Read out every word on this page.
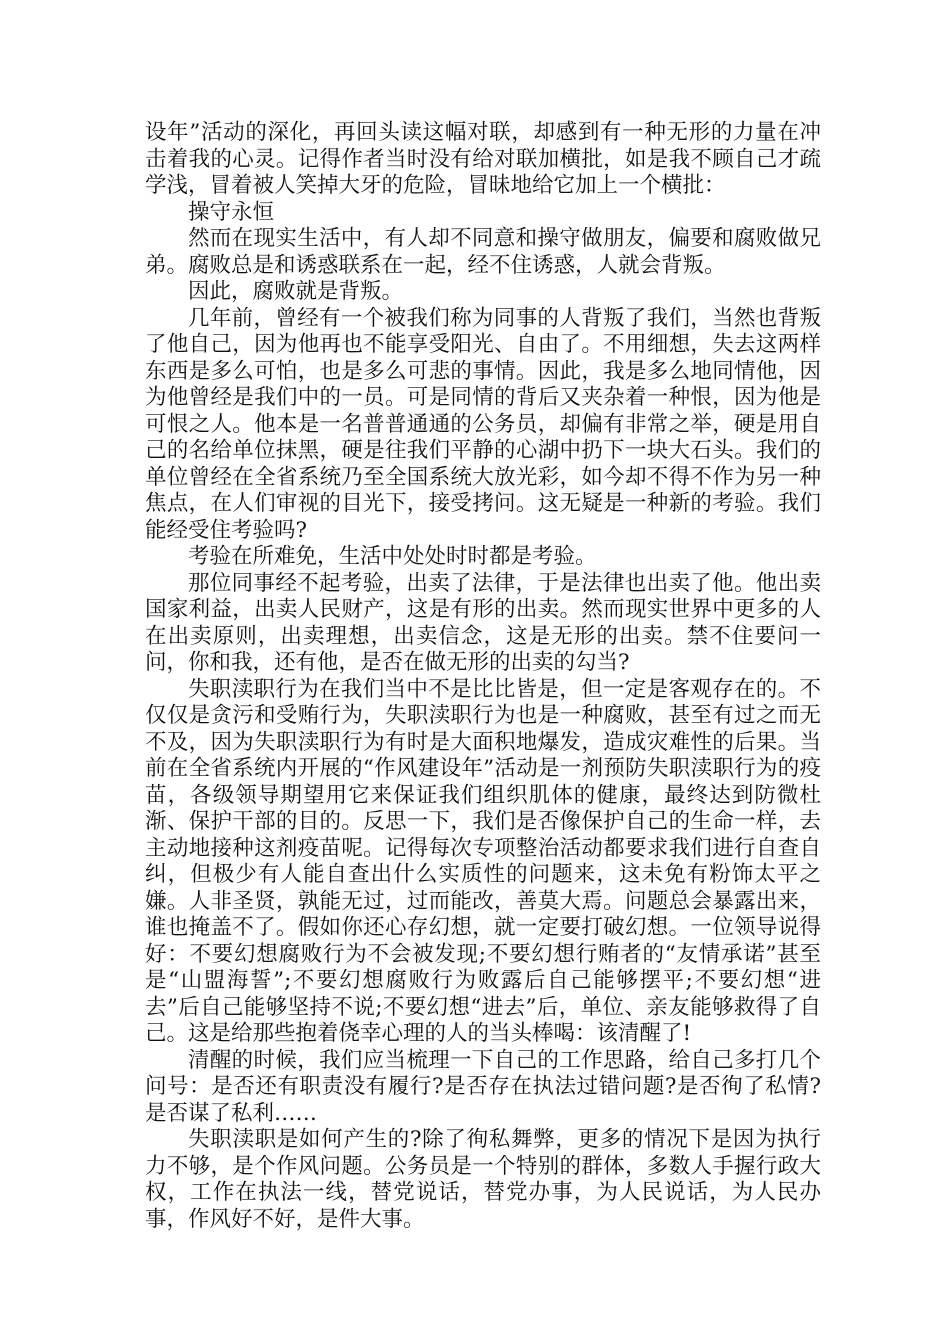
设年”活动的深化，再回头读这幅对联，却感到有一种无形的力量在冲击着我的心灵。记得作者当时没有给对联加横批，如是我不顾自己才疏学浅，冒着被人笑掉大牙的危险，冒昧地给它加上一个横批：

操守永恒

然而在现实生活中，有人却不同意和操守做朋友，偏要和腐败做兄弟。腐败总是和诱惑联系在一起，经不住诱惑，人就会背叛。

因此，腐败就是背叛。

几年前，曾经有一个被我们称为同事的人背叛了我们，当然也背叛了他自己，因为他再也不能享受阳光、自由了。不用细想，失去这两样东西是多么可怕，也是多么可悲的事情。因此，我是多么地同情他，因为他曾经是我们中的一员。可是同情的背后又夹杂着一种恨，因为他是可恨之人。他本是一名普普通通的公务员，却偏有非常之举，硬是用自己的名给单位抹黑，硬是往我们平静的心湖中扔下一块大石头。我们的单位曾经在全省系统乃至全国系统大放光彩，如今却不得不作为另一种焦点，在人们审视的目光下，接受拷问。这无疑是一种新的考验。我们能经受住考验吗?

考验在所难免，生活中处处时时都是考验。

那位同事经不起考验，出卖了法律，于是法律也出卖了他。他出卖国家利益，出卖人民财产，这是有形的出卖。然而现实世界中更多的人在出卖原则，出卖理想，出卖信念，这是无形的出卖。禁不住要问一问，你和我，还有他，是否在做无形的出卖的勾当?

失职渎职行为在我们当中不是比比皆是，但一定是客观存在的。不仅仅是贪污和受贿行为，失职渎职行为也是一种腐败，甚至有过之而无不及，因为失职渎职行为有时是大面积地爆发，造成灾难性的后果。当前在全省系统内开展的“作风建设年”活动是一剂预防失职渎职行为的疫苗，各级领导期望用它来保证我们组织肌体的健康，最终达到防微杜渐、保护干部的目的。反思一下，我们是否像保护自己的生命一样，去主动地接种这剂疫苗呢。记得每次专项整治活动都要求我们进行自查自纠，但极少有人能自查出什么实质性的问题来，这未免有粉饰太平之嫌。人非圣贤，孰能无过，过而能改，善莫大焉。问题总会暴露出来，谁也掩盖不了。假如你还心存幻想，就一定要打破幻想。一位领导说得好：不要幻想腐败行为不会被发现;不要幻想行贿者的“友情承诺”甚至是“山盟海誓”;不要幻想腐败行为败露后自己能够摆平;不要幻想“进去”后自己能够坚持不说;不要幻想“进去”后，单位、亲友能够救得了自己。这是给那些抱着侥幸心理的人的当头棒喝：该清醒了!

清醒的时候，我们应当梳理一下自己的工作思路，给自己多打几个问号：是否还有职责没有履行?是否存在执法过错问题?是否徇了私情?是否谋了私利……

失职渎职是如何产生的?除了徇私舞弊，更多的情况下是因为执行力不够，是个作风问题。公务员是一个特别的群体，多数人手握行政大权，工作在执法一线，替党说话，替党办事，为人民说话，为人民办事，作风好不好，是件大事。
